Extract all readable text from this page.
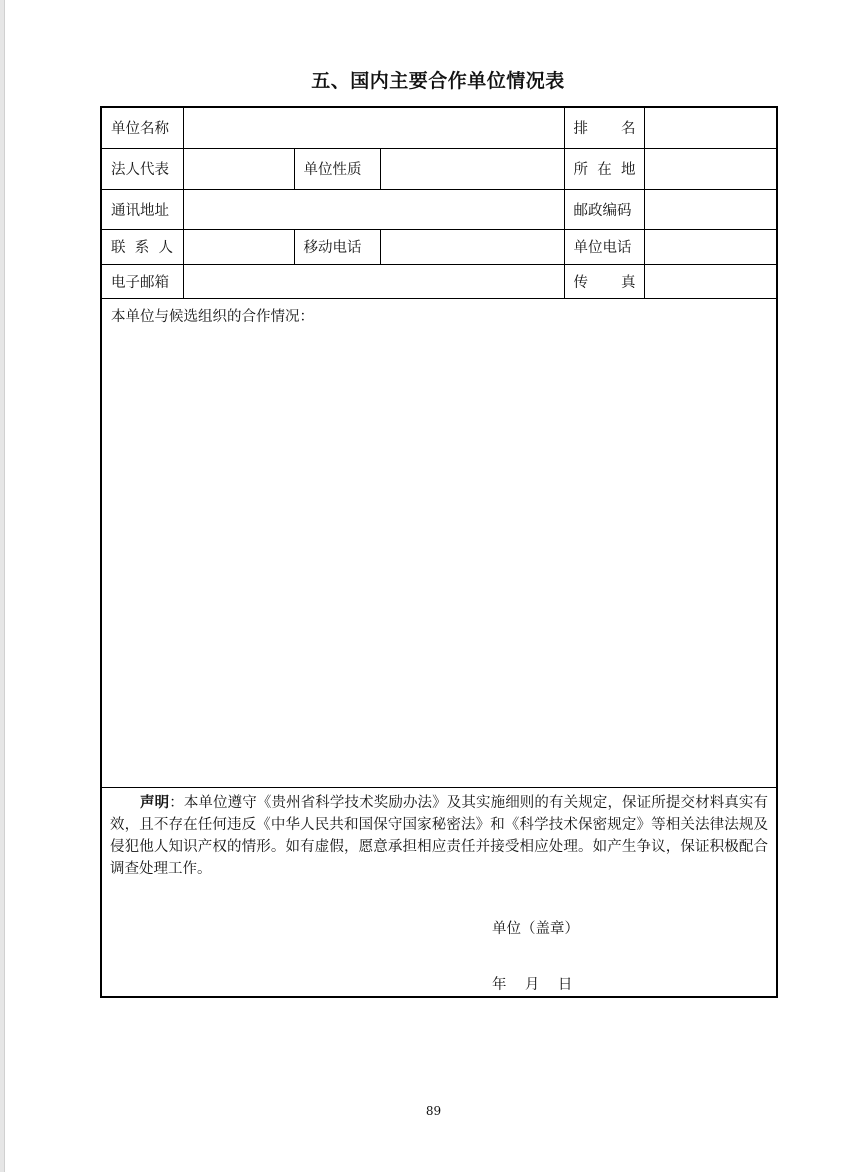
五、国内主要合作单位情况表
单位名称				排 名	

法人代表		单位性质		所 在 地	

通讯地址				邮政编码	

联 系 人		移动电话		单位电话	
电子邮箱				传 真	

本单位与候选组织的合作情况：					

声明：本单位遵守《贵州省科学技术奖励办法》及其实施细则的有关规定，保证所提交材料真实有效，且不存在任何违反《中华人民共和国保守国家秘密法》和《科学技术保密规定》等相关法律法规及侵犯他人知识产权的情形。如有虚假，愿意承担相应责任并接受相应处理。如产生争议，保证积极配合调查处理工作。
单位（盖章）
年    月    日					
89
